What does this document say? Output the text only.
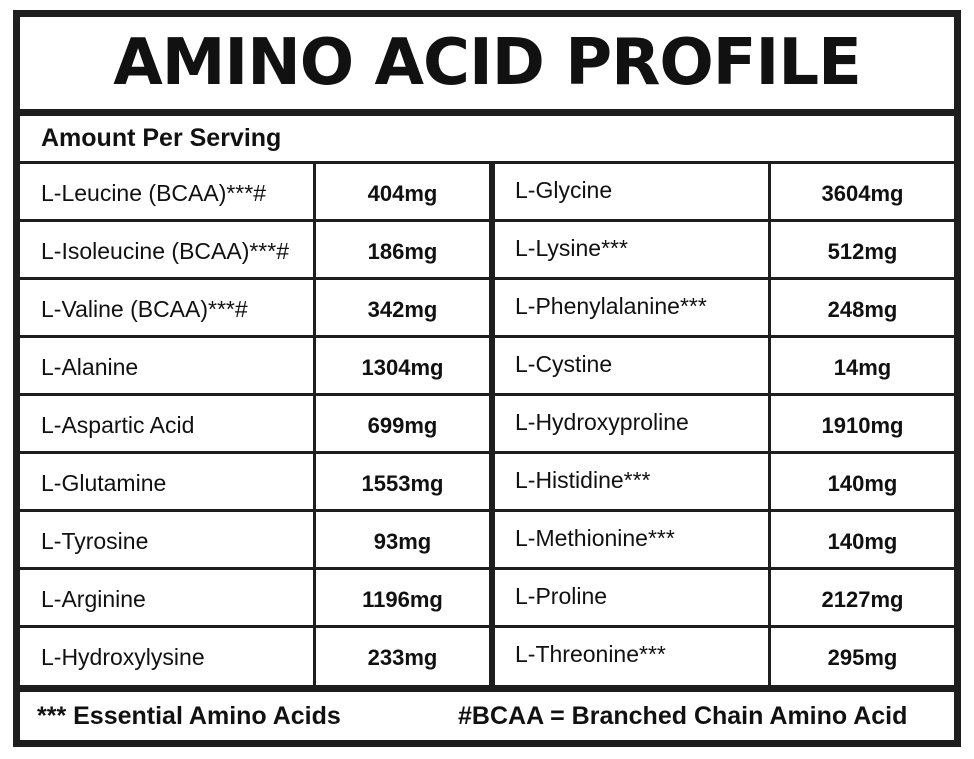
AMINO ACID PROFILE
Amount Per Serving
L-Leucine (BCAA)***#	404mg	L-Glycine	3604mg
L-Isoleucine (BCAA)***#	186mg	L-Lysine***	512mg
L-Valine (BCAA)***#	342mg	L-Phenylalanine***	248mg
L-Alanine	1304mg	L-Cystine	14mg
L-Aspartic Acid	699mg	L-Hydroxyproline	1910mg
L-Glutamine	1553mg	L-Histidine***	140mg
L-Tyrosine	93mg	L-Methionine***	140mg
L-Arginine	1196mg	L-Proline	2127mg
L-Hydroxylysine	233mg	L-Threonine***	295mg
*** Essential Amino Acids	#BCAA = Branched Chain Amino Acid
